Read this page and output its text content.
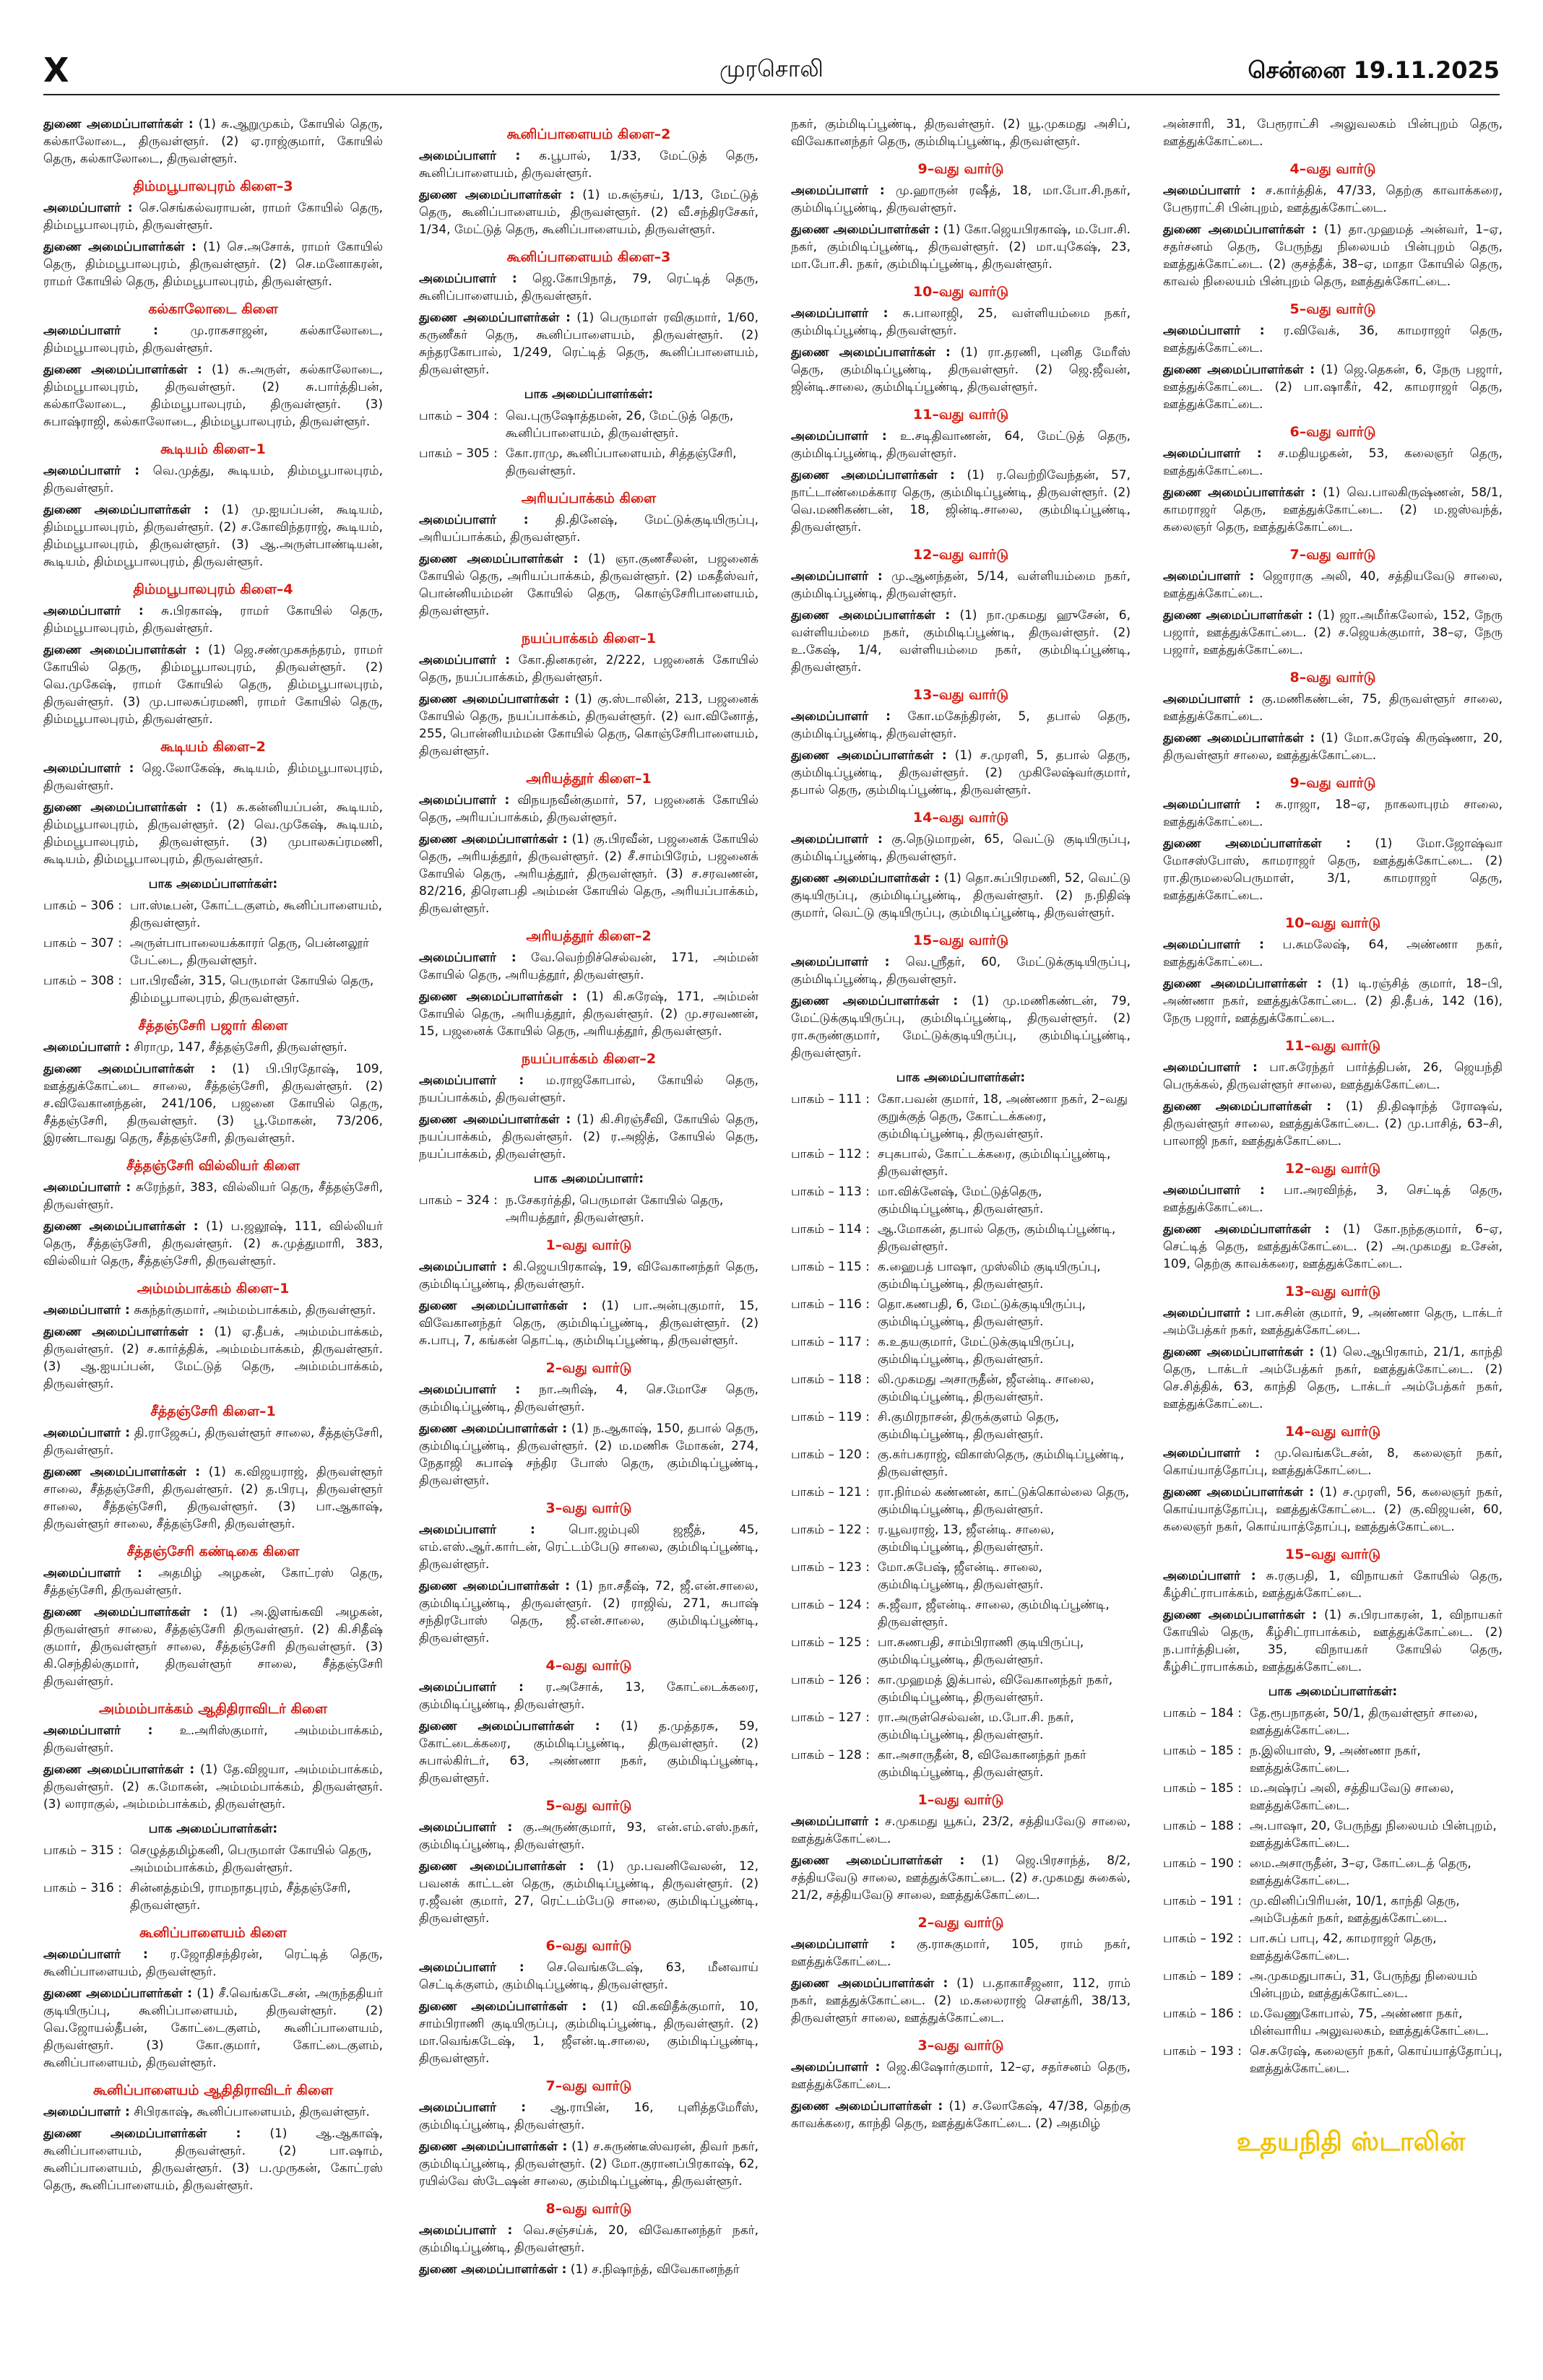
X	முரசொலி	சென்னை 19.11.2025
துணை அமைப்பாளர்கள் : (1) சு.ஆறுமுகம், கோயில் தெரு, கல்காலோடை, திருவள்ளூர். (2) ஏ.ராஜ்குமார், கோயில் தெரு, கல்காலோடை, திருவள்ளூர்.
திம்மபூபாலபுரம் கிளை–3
அமைப்பாளர் : செ.செங்கல்வராயன், ராமர் கோயில் தெரு, திம்மபூபாலபுரம், திருவள்ளூர்.
துணை அமைப்பாளர்கள் : (1) செ.அசோக், ராமர் கோயில் தெரு, திம்மபூபாலபுரம், திருவள்ளூர். (2) செ.மனோகரன், ராமர் கோயில் தெரு, திம்மபூபாலபுரம், திருவள்ளூர்.
கல்காலோடை கிளை
அமைப்பாளர் :	மு.ராகசாஜன், கல்காலோடை, திம்மபூபாலபுரம், திருவள்ளூர்.
துணை அமைப்பாளர்கள் : (1) சு.அருள், கல்காலோடை, திம்மபூபாலபுரம், திருவள்ளூர். (2) சு.பார்த்திபன், கல்காலோடை, திம்மபூபாலபுரம், திருவள்ளூர். (3) சுபாஷ்ராஜி, கல்காலோடை, திம்மபூபாலபுரம், திருவள்ளூர்.
கூடியம் கிளை–1
அமைப்பாளர் : வெ.முத்து, கூடியம், திம்மபூபாலபுரம், திருவள்ளூர்.
துணை அமைப்பாளர்கள் : (1) மு.ஐயப்பன், கூடியம், திம்மபூபாலபுரம், திருவள்ளூர். (2) ச.கோவிந்தராஜ், கூடியம், திம்மபூபாலபுரம், திருவள்ளூர். (3) ஆ.அருள்பாண்டியன், கூடியம், திம்மபூபாலபுரம், திருவள்ளூர்.
திம்மபூபாலபுரம் கிளை–4
அமைப்பாளர் : சு.பிரகாஷ், ராமர் கோயில் தெரு, திம்மபூபாலபுரம், திருவள்ளூர்.
துணை அமைப்பாளர்கள் : (1) ஜெ.சண்முகசுந்தரம், ராமர் கோயில் தெரு, திம்மபூபாலபுரம், திருவள்ளூர். (2) வெ.முகேஷ், ராமர் கோயில் தெரு, திம்மபூபாலபுரம், திருவள்ளூர். (3) மு.பாலசுப்ரமணி, ராமர் கோயில் தெரு, திம்மபூபாலபுரம், திருவள்ளூர்.
கூடியம் கிளை–2
அமைப்பாளர் : ஜெ.லோகேஷ், கூடியம், திம்மபூபாலபுரம், திருவள்ளூர்.
துணை அமைப்பாளர்கள் : (1) சு.கன்னியப்பன், கூடியம், திம்மபூபாலபுரம், திருவள்ளூர். (2) வெ.முகேஷ், கூடியம், திம்மபூபாலபுரம், திருவள்ளூர். (3) முபாலசுப்ரமணி, கூடியம், திம்மபூபாலபுரம், திருவள்ளூர்.
பாக அமைப்பாளர்கள்:
பாகம் – 306 : பா.ஸ்டீபன், கோட்டகுளம், கூனிப்பாளையம், திருவள்ளூர்.
பாகம் – 307 : அருள்பாபாலையக்காரர் தெரு, பென்னலூர் பேட்டை, திருவள்ளூர்.
பாகம் – 308 : பா.பிரவீன், 315, பெருமாள் கோயில் தெரு, திம்மபூபாலபுரம், திருவள்ளூர்.
சீத்தஞ்சேரி பஜார் கிளை
அமைப்பாளர் : சிராமு, 147, சீத்தஞ்சேரி, திருவள்ளூர்.
துணை அமைப்பாளர்கள் : (1) பி.பிரதோஷ், 109, ஊத்துக்கோட்டை சாலை, சீத்தஞ்சேரி, திருவள்ளூர். (2) ச.விவேகானந்தன், 241/106, பஜனை கோயில் தெரு, சீத்தஞ்சேரி, திருவள்ளூர். (3) பூ.மோகன், 73/206, இரண்டாவது தெரு, சீத்தஞ்சேரி, திருவள்ளூர்.
சீத்தஞ்சேரி வில்லியர் கிளை
அமைப்பாளர் : சுரேந்தர், 383, வில்லியர் தெரு, சீத்தஞ்சேரி, திருவள்ளூர்.
துணை அமைப்பாளர்கள் : (1) ப.ஜலூஷ், 111, வில்லியர் தெரு, சீத்தஞ்சேரி, திருவள்ளூர். (2) சு.முத்துமாரி, 383, வில்லியர் தெரு, சீத்தஞ்சேரி, திருவள்ளூர்.
அம்மம்பாக்கம் கிளை–1
அமைப்பாளர் : சுகந்தர்குமார், அம்மம்பாக்கம், திருவள்ளூர்.
துணை அமைப்பாளர்கள் : (1) ஏ.தீபக், அம்மம்பாக்கம், திருவள்ளூர். (2) ச.கார்த்திக், அம்மம்பாக்கம், திருவள்ளூர். (3) ஆ.ஐயப்பன், மேட்டுத் தெரு, அம்மம்பாக்கம், திருவள்ளூர்.
சீத்தஞ்சேரி கிளை–1
அமைப்பாளர் : தி.ராஜேசுப், திருவள்ளூர் சாலை, சீத்தஞ்சேரி, திருவள்ளூர்.
துணை அமைப்பாளர்கள் : (1) க.விஜயராஜ், திருவள்ளூர் சாலை, சீத்தஞ்சேரி, திருவள்ளூர். (2) த.பிரபு, திருவள்ளூர் சாலை, சீத்தஞ்சேரி, திருவள்ளூர். (3) பா.ஆகாஷ், திருவள்ளூர் சாலை, சீத்தஞ்சேரி, திருவள்ளூர்.
சீத்தஞ்சேரி கண்டிகை கிளை
அமைப்பாளர் : அதமிழ் அழகன், கோட்ரஸ் தெரு, சீத்தஞ்சேரி, திருவள்ளூர்.
துணை அமைப்பாளர்கள் : (1) அ.இளங்கவி அழகன், திருவள்ளூர் சாலை, சீத்தஞ்சேரி திருவள்ளூர். (2) கி.சிதீஷ் குமார், திருவள்ளூர் சாலை, சீத்தஞ்சேரி திருவள்ளூர். (3) கி.செந்தில்குமார், திருவள்ளூர் சாலை, சீத்தஞ்சேரி திருவள்ளூர்.
அம்மம்பாக்கம் ஆதிதிராவிடர் கிளை
அமைப்பாளர் : உ.அரிஸ்குமார், அம்மம்பாக்கம், திருவள்ளூர்.
துணை அமைப்பாளர்கள் : (1) தே.விஜயா, அம்மம்பாக்கம், திருவள்ளூர். (2) க.மோகன், அம்மம்பாக்கம், திருவள்ளூர். (3) லாராகுல், அம்மம்பாக்கம், திருவள்ளூர்.
பாக அமைப்பாளர்கள்:
பாகம் – 315 : செழுத்தமிழ்கனி, பெருமாள் கோயில் தெரு, அம்மம்பாக்கம், திருவள்ளூர்.
பாகம் – 316 : சின்னத்தம்பி, ராமநாதபுரம், சீத்தஞ்சேரி, திருவள்ளூர்.
கூனிப்பாளையம் கிளை
அமைப்பாளர் : ர.ஜோதிசந்திரன், ரெட்டித் தெரு, கூனிப்பாளையம், திருவள்ளூர்.
துணை அமைப்பாளர்கள் : (1) சீ.வெங்கடேசன், அருந்ததியர் குடியிருப்பு, கூனிப்பாளையம், திருவள்ளூர். (2) வெ.ஜோயல்தீபன், கோட்டைகுளம், கூனிப்பாளையம், திருவள்ளூர். (3) கோ.குமார், கோட்டைகுளம், கூனிப்பாளையம், திருவள்ளூர்.
கூனிப்பாளையம் ஆதிதிராவிடர் கிளை
அமைப்பாளர் : சிபிரகாஷ், கூனிப்பாளையம், திருவள்ளூர்.
துணை அமைப்பாளர்கள் : (1) ஆ.ஆகாஷ், கூனிப்பாளையம், திருவள்ளூர். (2) பா.ஷாம், கூனிப்பாளையம், திருவள்ளூர். (3) ப.முருகன், கோட்ரஸ் தெரு, கூனிப்பாளையம், திருவள்ளூர்.
கூனிப்பாளையம் கிளை–2
அமைப்பாளர் : க.பூபால், 1/33, மேட்டுத் தெரு, கூனிப்பாளையம், திருவள்ளூர்.
துணை அமைப்பாளர்கள் : (1) ம.சுஞ்சய், 1/13, மேட்டுத் தெரு, கூனிப்பாளையம், திருவள்ளூர். (2) வீ.சந்திரசேகர், 1/34, மேட்டுத் தெரு, கூனிப்பாளையம், திருவள்ளூர்.
கூனிப்பாளையம் கிளை–3
அமைப்பாளர் : ஜெ.கோபிநாத், 79, ரெட்டித் தெரு, கூனிப்பாளையம், திருவள்ளூர்.
துணை அமைப்பாளர்கள் : (1) பெருமாள் ரவிகுமார், 1/60, கருணீகர் தெரு, கூனிப்பாளையம், திருவள்ளூர். (2) சுந்தரகோபால், 1/249, ரெட்டித் தெரு, கூனிப்பாளையம், திருவள்ளூர்.
பாக அமைப்பாளர்கள்:
பாகம் – 304 : வெ.புருஷோத்தமன், 26, மேட்டுத் தெரு, கூனிப்பாளையம், திருவள்ளூர்.
பாகம் – 305 : கோ.ராமு, கூனிப்பாளையம், சித்தஞ்சேரி, திருவள்ளூர்.
அரியப்பாக்கம் கிளை
அமைப்பாளர் : தி.தினேஷ், மேட்டுக்குடியிருப்பு, அரியப்பாக்கம், திருவள்ளூர்.
துணை அமைப்பாளர்கள் : (1) ஞா.குணசீலன், பஜனைக் கோயில் தெரு, அரியப்பாக்கம், திருவள்ளூர். (2) மகதீஸ்வர், பொன்னியம்மன் கோயில் தெரு, கொஞ்சேரிபாளையம், திருவள்ளூர்.
நயப்பாக்கம் கிளை–1
அமைப்பாளர் : கோ.தினகரன், 2/222, பஜனைக் கோயில் தெரு, நயப்பாக்கம், திருவள்ளூர்.
துணை அமைப்பாளர்கள் : (1) கு.ஸ்டாலின், 213, பஜனைக் கோயில் தெரு, நயப்பாக்கம், திருவள்ளூர். (2) வா.வினோத், 255, பொன்னியம்மன் கோயில் தெரு, கொஞ்சேரிபாளையம், திருவள்ளூர்.
அரியத்தூர் கிளை–1
அமைப்பாளர் : விநயநவீன்குமார், 57, பஜனைக் கோயில் தெரு, அரியப்பாக்கம், திருவள்ளூர்.
துணை அமைப்பாளர்கள் : (1) கு.பிரவீன், பஜனைக் கோயில் தெரு, அரியத்தூர், திருவள்ளூர். (2) சீ.சாம்பிரேம், பஜனைக் கோயில் தெரு, அரியத்தூர், திருவள்ளூர். (3) ச.சரவணன், 82/216, திரௌபதி அம்மன் கோயில் தெரு, அரியப்பாக்கம், திருவள்ளூர்.
அரியத்தூர் கிளை–2
அமைப்பாளர் : வே.வெற்றிச்செல்வன், 171, அம்மன் கோயில் தெரு, அரியத்தூர், திருவள்ளூர்.
துணை அமைப்பாளர்கள் : (1) கி.சுரேஷ், 171, அம்மன் கோயில் தெரு, அரியத்தூர், திருவள்ளூர். (2) மு.சரவணன், 15, பஜனைக் கோயில் தெரு, அரியத்தூர், திருவள்ளூர்.
நயப்பாக்கம் கிளை–2
அமைப்பாளர் : ம.ராஜகோபால், கோயில் தெரு, நயப்பாக்கம், திருவள்ளூர்.
துணை அமைப்பாளர்கள் : (1) கி.சிரஞ்சீவி, கோயில் தெரு, நயப்பாக்கம், திருவள்ளூர். (2) ர.அஜித், கோயில் தெரு, நயப்பாக்கம், திருவள்ளூர்.
பாக அமைப்பாளர்:
பாகம் – 324 : ந.சேகரர்த்தி, பெருமாள் கோயில் தெரு, அரியத்தூர், திருவள்ளூர்.
1–வது வார்டு
அமைப்பாளர் : கி.ஜெயபிரகாஷ், 19, விவேகானந்தர் தெரு, கும்மிடிப்பூண்டி, திருவள்ளூர்.
துணை அமைப்பாளர்கள் : (1) பா.அன்புகுமார், 15, விவேகானந்தர் தெரு, கும்மிடிப்பூண்டி, திருவள்ளூர். (2) சு.பாபு, 7, கங்கன் தொட்டி, கும்மிடிப்பூண்டி, திருவள்ளூர்.
2–வது வார்டு
அமைப்பாளர் : நா.அரிஷ், 4, செ.மோசே தெரு, கும்மிடிப்பூண்டி, திருவள்ளூர்.
துணை அமைப்பாளர்கள் : (1) ந.ஆகாஷ், 150, தபால் தெரு, கும்மிடிப்பூண்டி, திருவள்ளூர். (2) ம.மணிசு மோகன், 274, நேதாஜி சுபாஷ் சந்திர போஸ் தெரு, கும்மிடிப்பூண்டி, திருவள்ளூர்.
3–வது வார்டு
அமைப்பாளர் :	பொ.ஜம்புலி ஜஜீத், 45, எம்.எஸ்.ஆர்.கார்டன், ரெட்டம்பேடு சாலை, கும்மிடிப்பூண்டி, திருவள்ளூர்.
துணை அமைப்பாளர்கள் : (1) நா.சதீஷ், 72, ஜீ.என்.சாலை, கும்மிடிப்பூண்டி, திருவள்ளூர். (2) ராஜிவ், 271, சுபாஷ் சந்திரபோஸ் தெரு, ஜீ.என்.சாலை, கும்மிடிப்பூண்டி, திருவள்ளூர்.
4–வது வார்டு
அமைப்பாளர் : ர.அசோக், 13, கோட்டைக்கரை, கும்மிடிப்பூண்டி, திருவள்ளூர்.
துணை அமைப்பாளர்கள் : (1) த.முத்தரசு, 59, கோட்டைக்கரை, கும்மிடிப்பூண்டி, திருவள்ளூர். (2) சுபால்கிர்டர், 63, அண்ணா நகர், கும்மிடிப்பூண்டி, திருவள்ளூர்.
5–வது வார்டு
அமைப்பாளர் : கு.அருண்குமார், 93, என்.எம்.எஸ்.நகர், கும்மிடிப்பூண்டி, திருவள்ளூர்.
துணை அமைப்பாளர்கள் : (1) மு.பவனிவேலன், 12, பவனக் காட்டன் தெரு, கும்மிடிப்பூண்டி, திருவள்ளூர். (2) ர.ஜீவன் குமார், 27, ரெட்டம்பேடு சாலை, கும்மிடிப்பூண்டி, திருவள்ளூர்.
6–வது வார்டு
அமைப்பாளர் : செ.வெங்கடேஷ், 63, மீனவாய் செட்டிக்குளம், கும்மிடிப்பூண்டி, திருவள்ளூர்.
துணை அமைப்பாளர்கள் : (1) வி.கவிதீக்குமார், 10, சாம்பிராணி குடியிருப்பு, கும்மிடிப்பூண்டி, திருவள்ளூர். (2) மா.வெங்கடேஷ், 1, ஜீஎன்.டி.சாலை, கும்மிடிப்பூண்டி, திருவள்ளூர்.
7–வது வார்டு
அமைப்பாளர் : ஆ.ராபின், 16, புளித்தமேரீஸ், கும்மிடிப்பூண்டி, திருவள்ளூர்.
துணை அமைப்பாளர்கள் : (1) ச.சுருண்டீஸ்வரன், திவர் நகர், கும்மிடிப்பூண்டி, திருவள்ளூர். (2) மோ.குரானப்பிரகாஷ், 62, ரயில்வே ஸ்டேஷன் சாலை, கும்மிடிப்பூண்டி, திருவள்ளூர்.
8–வது வார்டு
அமைப்பாளர் : வெ.சஞ்சய்க், 20, விவேகானந்தர் நகர், கும்மிடிப்பூண்டி, திருவள்ளூர்.
துணை அமைப்பாளர்கள் : (1) ச.நிஷாந்த், விவேகானந்தர்
நகர், கும்மிடிப்பூண்டி, திருவள்ளூர். (2) யூ.முகமது அசிப், விவேகானந்தர் தெரு, கும்மிடிப்பூண்டி, திருவள்ளூர்.
9–வது வார்டு
அமைப்பாளர் : மு.ஹாருன் ரஷீத், 18, மா.போ.சி.நகர், கும்மிடிப்பூண்டி, திருவள்ளூர்.
துணை அமைப்பாளர்கள் : (1) கோ.ஜெயபிரகாஷ், ம.போ.சி. நகர், கும்மிடிப்பூண்டி, திருவள்ளூர். (2) மா.யுகேஷ், 23, மா.போ.சி. நகர், கும்மிடிப்பூண்டி, திருவள்ளூர்.
10–வது வார்டு
அமைப்பாளர் : சு.பாலாஜி, 25, வள்ளியம்மை நகர், கும்மிடிப்பூண்டி, திருவள்ளூர்.
துணை அமைப்பாளர்கள் : (1) ரா.தரணி, புனித மேரீஸ் தெரு, கும்மிடிப்பூண்டி, திருவள்ளூர். (2) ஜெ.ஜீவன், ஜின்டி.சாலை, கும்மிடிப்பூண்டி, திருவள்ளூர்.
11–வது வார்டு
அமைப்பாளர் : உ.சடிதிவாணன், 64, மேட்டுத் தெரு, கும்மிடிப்பூண்டி, திருவள்ளூர்.
துணை அமைப்பாளர்கள் : (1) ர.வெற்றிவேந்தன், 57, நாட்டாண்மைக்கார தெரு, கும்மிடிப்பூண்டி, திருவள்ளூர். (2) வெ.மணிகண்டன், 18, ஜின்டி.சாலை, கும்மிடிப்பூண்டி, திருவள்ளூர்.
12–வது வார்டு
அமைப்பாளர் : மு.ஆனந்தன், 5/14, வள்ளியம்மை நகர், கும்மிடிப்பூண்டி, திருவள்ளூர்.
துணை அமைப்பாளர்கள் : (1) நா.முகமது ஹுசேன், 6, வள்ளியம்மை நகர், கும்மிடிப்பூண்டி, திருவள்ளூர். (2) உ.கேஷ், 1/4, வள்ளியம்மை நகர், கும்மிடிப்பூண்டி, திருவள்ளூர்.
13–வது வார்டு
அமைப்பாளர் : கோ.மகேந்திரன், 5, தபால் தெரு, கும்மிடிப்பூண்டி, திருவள்ளூர்.
துணை அமைப்பாளர்கள் : (1) ச.முரளி, 5, தபால் தெரு, கும்மிடிப்பூண்டி, திருவள்ளூர். (2) முகிலேஷ்வர்குமார், தபால் தெரு, கும்மிடிப்பூண்டி, திருவள்ளூர்.
14–வது வார்டு
அமைப்பாளர் : கு.நெடுமாறன், 65, வெட்டு குடியிருப்பு, கும்மிடிப்பூண்டி, திருவள்ளூர்.
துணை அமைப்பாளர்கள் : (1) தொ.சுப்பிரமணி, 52, வெட்டு குடியிருப்பு, கும்மிடிப்பூண்டி, திருவள்ளூர். (2) ந.நிதிஷ் குமார், வெட்டு குடியிருப்பு, கும்மிடிப்பூண்டி, திருவள்ளூர்.
15–வது வார்டு
அமைப்பாளர் : வெ.ஸ்ரீதர், 60, மேட்டுக்குடியிருப்பு, கும்மிடிப்பூண்டி, திருவள்ளூர்.
துணை அமைப்பாளர்கள் : (1) மு.மணிகண்டன், 79, மேட்டுக்குடியிருப்பு, கும்மிடிப்பூண்டி, திருவள்ளூர். (2) ரா.சுருண்குமார், மேட்டுக்குடியிருப்பு, கும்மிடிப்பூண்டி, திருவள்ளூர்.
பாக அமைப்பாளர்கள்:
பாகம் – 111 : கோ.பவன் குமார், 18, அண்ணா நகர், 2–வது குறுக்குத் தெரு, கோட்டக்கரை, கும்மிடிப்பூண்டி, திருவள்ளூர்.
பாகம் – 112 : சபுசுபால், கோட்டக்கரை, கும்மிடிப்பூண்டி, திருவள்ளூர்.
பாகம் – 113 : மா.விக்னேஷ், மேட்டுத்தெரு, கும்மிடிப்பூண்டி, திருவள்ளூர்.
பாகம் – 114 : ஆ.மோகன், தபால் தெரு, கும்மிடிப்பூண்டி, திருவள்ளூர்.
பாகம் – 115 : க.ஹைபத் பாஷா, முஸ்லிம் குடியிருப்பு, கும்மிடிப்பூண்டி, திருவள்ளூர்.
பாகம் – 116 : தொ.கணபதி, 6, மேட்டுக்குடியிருப்பு, கும்மிடிப்பூண்டி, திருவள்ளூர்.
பாகம் – 117 : க.உதயகுமார், மேட்டுக்குடியிருப்பு, கும்மிடிப்பூண்டி, திருவள்ளூர்.
பாகம் – 118 : லி.முகமது அசாருதீன், ஜீஎன்டி. சாலை, கும்மிடிப்பூண்டி, திருவள்ளூர்.
பாகம் – 119 : சி.குமிரநாசன், திருக்குளம் தெரு, கும்மிடிப்பூண்டி, திருவள்ளூர்.
பாகம் – 120 : கு.கர்பகராஜ், விகாஸ்தெரு, கும்மிடிப்பூண்டி, திருவள்ளூர்.
பாகம் – 121 : ரா.நிர்மல் கண்ணன், காட்டுக்கொல்லை தெரு, கும்மிடிப்பூண்டி, திருவள்ளூர்.
பாகம் – 122 : ர.யூவராஜ், 13, ஜீஎன்டி. சாலை, கும்மிடிப்பூண்டி, திருவள்ளூர்.
பாகம் – 123 : மோ.சுபேஷ், ஜீஎன்டி. சாலை, கும்மிடிப்பூண்டி, திருவள்ளூர்.
பாகம் – 124 : சு.ஜீவா, ஜீஎன்டி. சாலை, கும்மிடிப்பூண்டி, திருவள்ளூர்.
பாகம் – 125 : பா.சுணபதி, சாம்பிராணி குடியிருப்பு, கும்மிடிப்பூண்டி, திருவள்ளூர்.
பாகம் – 126 : கா.முஹமத் இக்பால், விவேகானந்தர் நகர், கும்மிடிப்பூண்டி, திருவள்ளூர்.
பாகம் – 127 : ரா.அருள்செல்வன், ம.போ.சி. நகர், கும்மிடிப்பூண்டி, திருவள்ளூர்.
பாகம் – 128 : கா.அசாருதீன், 8, விவேகானந்தர் நகர் கும்மிடிப்பூண்டி, திருவள்ளூர்.
1–வது வார்டு
அமைப்பாளர் : ச.முகமது யூசுப், 23/2, சத்தியவேடு சாலை, ஊத்துக்கோட்டை.
துணை அமைப்பாளர்கள் : (1) ஜெ.பிரசாந்த், 8/2, சத்தியவேடு சாலை, ஊத்துக்கோட்டை. (2) ச.முகமது சுகைல், 21/2, சத்தியவேடு சாலை, ஊத்துக்கோட்டை.
2–வது வார்டு
அமைப்பாளர் : கு.ராசுகுமார், 105, ராம் நகர், ஊத்துக்கோட்டை.
துணை அமைப்பாளர்கள் : (1) ப.தாகாசீஜனா, 112, ராம் நகர், ஊத்துக்கோட்டை. (2) ம.கலைராஜ் சௌத்ரி, 38/13, திருவள்ளூர் சாலை, ஊத்துக்கோட்டை.
3–வது வார்டு
அமைப்பாளர் : ஜெ.கிஷோர்குமார், 12–ஏ, சதர்சனம் தெரு, ஊத்துக்கோட்டை.
துணை அமைப்பாளர்கள் : (1) ச.லோகேஷ், 47/38, தெற்கு காவக்கரை, காந்தி தெரு, ஊத்துக்கோட்டை. (2) அதமிழ்
அன்சாரி, 31, பேரூராட்சி அலுவலகம் பின்புறம் தெரு, ஊத்துக்கோட்டை.
4–வது வார்டு
அமைப்பாளர் : ச.கார்த்திக், 47/33, தெற்கு காவாக்கரை, பேரூராட்சி பின்புறம், ஊத்துக்கோட்டை.
துணை அமைப்பாளர்கள் : (1) தா.முஹமத் அன்வர், 1–ஏ, சதர்சனம் தெரு, பேருந்து நிலையம் பின்புறம் தெரு, ஊத்துக்கோட்டை. (2) குசத்தீக், 38–ஏ, மாதா கோயில் தெரு, காவல் நிலையம் பின்புறம் தெரு, ஊத்துக்கோட்டை.
5–வது வார்டு
அமைப்பாளர் : ர.விவேக், 36, காமராஜர் தெரு, ஊத்துக்கோட்டை.
துணை அமைப்பாளர்கள் : (1) ஜெ.தெகன், 6, நேரு பஜார், ஊத்துக்கோட்டை. (2) பா.ஷாகீர், 42, காமராஜர் தெரு, ஊத்துக்கோட்டை.
6–வது வார்டு
அமைப்பாளர் : ச.மதியழகன், 53, கலைஞர் தெரு, ஊத்துக்கோட்டை.
துணை அமைப்பாளர்கள் : (1) வெ.பாலகிருஷ்ணன், 58/1, காமராஜர் தெரு, ஊத்துக்கோட்டை. (2) ம.ஜஸ்வந்த், கலைஞர் தெரு, ஊத்துக்கோட்டை.
7–வது வார்டு
அமைப்பாளர் : ஜொராகு அலி, 40, சத்தியவேடு சாலை, ஊத்துக்கோட்டை.
துணை அமைப்பாளர்கள் : (1) ஜா.அமீர்கலோல், 152, நேரு பஜார், ஊத்துக்கோட்டை. (2) ச.ஜெயக்குமார், 38–ஏ, நேரு பஜார், ஊத்துக்கோட்டை.
8–வது வார்டு
அமைப்பாளர் : கு.மணிகண்டன், 75, திருவள்ளூர் சாலை, ஊத்துக்கோட்டை.
துணை அமைப்பாளர்கள் : (1) மோ.சுரேஷ் கிருஷ்ணா, 20, திருவள்ளூர் சாலை, ஊத்துக்கோட்டை.
9–வது வார்டு
அமைப்பாளர் : சு.ராஜா, 18–ஏ, நாகலாபுரம் சாலை, ஊத்துக்கோட்டை.
துணை அமைப்பாளர்கள் : (1) மோ.ஜோஷ்வா மோசஸ்போஸ், காமராஜர் தெரு, ஊத்துக்கோட்டை. (2) ரா.திருமலைபெருமாள், 3/1, காமராஜர் தெரு, ஊத்துக்கோட்டை.
10–வது வார்டு
அமைப்பாளர் : ப.சுமலேஷ், 64, அண்ணா நகர், ஊத்துக்கோட்டை.
துணை அமைப்பாளர்கள் : (1) டி.ரஞ்சித் குமார், 18–பி, அண்ணா நகர், ஊத்துக்கோட்டை. (2) தி.தீபக், 142 (16), நேரு பஜார், ஊத்துக்கோட்டை.
11–வது வார்டு
அமைப்பாளர் : பா.சுரேந்தர் பார்த்திபன், 26, ஜெயந்தி பெருக்கல், திருவள்ளூர் சாலை, ஊத்துக்கோட்டை.
துணை அமைப்பாளர்கள் : (1) தி.திஷாந்த் ரோஷவ், திருவள்ளூர் சாலை, ஊத்துக்கோட்டை. (2) மு.பாசித், 63–சி, பாலாஜி நகர், ஊத்துக்கோட்டை.
12–வது வார்டு
அமைப்பாளர் : பா.அரவிந்த், 3, செட்டித் தெரு, ஊத்துக்கோட்டை.
துணை அமைப்பாளர்கள் : (1) கோ.நந்தகுமார், 6–ஏ, செட்டித் தெரு, ஊத்துக்கோட்டை. (2) அ.முகமது உசேன், 109, தெற்கு காவக்கரை, ஊத்துக்கோட்டை.
13–வது வார்டு
அமைப்பாளர் : பா.சுசின் குமார், 9, அண்ணா தெரு, டாக்டர் அம்பேத்கர் நகர், ஊத்துக்கோட்டை.
துணை அமைப்பாளர்கள் : (1) லெ.ஆபிரகாம், 21/1, காந்தி தெரு, டாக்டர் அம்பேத்கர் நகர், ஊத்துக்கோட்டை. (2) செ.சித்திக், 63, காந்தி தெரு, டாக்டர் அம்பேத்கர் நகர், ஊத்துக்கோட்டை.
14–வது வார்டு
அமைப்பாளர் : மு.வெங்கடேசன், 8, கலைஞர் நகர், கொய்யாத்தோப்பு, ஊத்துக்கோட்டை.
துணை அமைப்பாளர்கள் : (1) ச.முரளி, 56, கலைஞர் நகர், கொய்யாத்தோப்பு, ஊத்துக்கோட்டை. (2) கு.விஜயன், 60, கலைஞர் நகர், கொய்யாத்தோப்பு, ஊத்துக்கோட்டை.
15–வது வார்டு
அமைப்பாளர் : சு.ரகுபதி, 1, விநாயகர் கோயில் தெரு, கீழ்சிட்ராபாக்கம், ஊத்துக்கோட்டை.
துணை அமைப்பாளர்கள் : (1) சு.பிரபாகரன், 1, விநாயகர் கோயில் தெரு, கீழ்சிட்ராபாக்கம், ஊத்துக்கோட்டை. (2) ந.பார்த்திபன், 35, விநாயகர் கோயில் தெரு, கீழ்சிட்ராபாக்கம், ஊத்துக்கோட்டை.
பாக அமைப்பாளர்கள்:
பாகம் – 184 : தே.ரூபநாதன், 50/1, திருவள்ளூர் சாலை, ஊத்துக்கோட்டை.
பாகம் – 185 : ந.இலியாஸ், 9, அண்ணா நகர், ஊத்துக்கோட்டை.
பாகம் – 185 : ம.அஷ்ரப் அலி, சத்தியவேடு சாலை, ஊத்துக்கோட்டை.
பாகம் – 188 : அ.பாஷா, 20, பேருந்து நிலையம் பின்புறம், ஊத்துக்கோட்டை.
பாகம் – 190 : மை.அசாருதீன், 3–ஏ, கோட்டைத் தெரு, ஊத்துக்கோட்டை.
பாகம் – 191 : மு.வினிப்பிரியன், 10/1, காந்தி தெரு, அம்பேத்கர் நகர், ஊத்துக்கோட்டை.
பாகம் – 192 : பா.சுப் பாபு, 42, காமராஜர் தெரு, ஊத்துக்கோட்டை.
பாகம் – 189 : அ.முகமதுபாசுப், 31, பேருந்து நிலையம் பின்புறம், ஊத்துக்கோட்டை.
பாகம் – 186 : ம.வேணுகோபால், 75, அண்ணா நகர், மின்வாரிய அலுவலகம், ஊத்துக்கோட்டை.
பாகம் – 193 : செ.சுரேஷ், கலைஞர் நகர், கொய்யாத்தோப்பு, ஊத்துக்கோட்டை.
உதயநிதி ஸ்டாலின்
